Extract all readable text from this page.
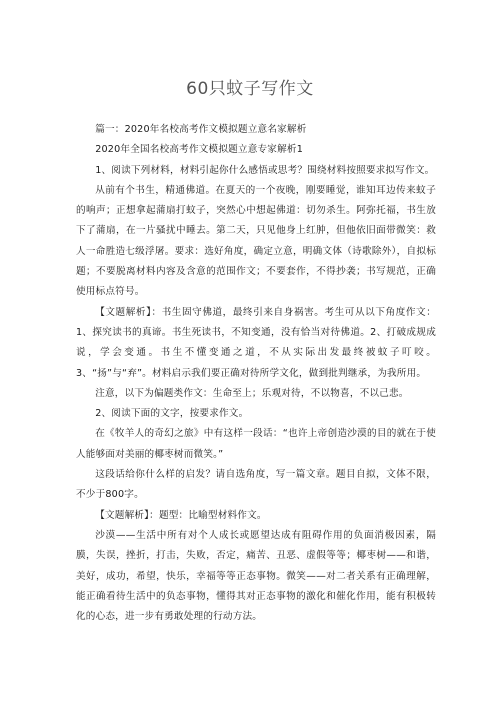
60只蚊子写作文

篇一：2020年名校高考作文模拟题立意名家解析

2020年全国名校高考作文模拟题立意专家解析1

1、阅读下列材料，材料引起你什么感悟或思考？围绕材料按照要求拟写作文。

从前有个书生，精通佛道。在夏天的一个夜晚，刚要睡觉，谁知耳边传来蚊子的响声；正想拿起蒲扇打蚊子，突然心中想起佛道：切勿杀生。阿弥托福，书生放下了蒲扇，在一片骚扰中睡去。第二天，只见他身上红肿，但他依旧面带微笑：救人一命胜造七级浮屠。要求：选好角度，确定立意，明确文体（诗歌除外），自拟标题；不要脱离材料内容及含意的范围作文；不要套作，不得抄袭；书写规范，正确使用标点符号。

【文题解析】：书生固守佛道，最终引来自身祸害。考生可从以下角度作文：1、探究读书的真谛。书生死读书，不知变通，没有恰当对待佛道。2、打破成规成说，学会变通。书生不懂变通之道，不从实际出发最终被蚊子叮咬。3、“扬”与“弃”。材料启示我们要正确对待所学文化，做到批判继承，为我所用。

注意，以下为偏题类作文：生命至上；乐观对待，不以物喜，不以己悲。

2、阅读下面的文字，按要求作文。

在《牧羊人的奇幻之旅》中有这样一段话：“也许上帝创造沙漠的目的就在于使人能够面对美丽的椰枣树而微笑。”

这段话给你什么样的启发？请自选角度，写一篇文章。题目自拟，文体不限，不少于800字。

【文题解析】：题型：比喻型材料作文。

沙漠——生活中所有对个人成长或愿望达成有阻碍作用的负面消极因素，隔膜，失误，挫折，打击，失败，否定，痛苦、丑恶、虚假等等；椰枣树——和谐，美好，成功，希望，快乐，幸福等等正态事物。微笑——对二者关系有正确理解，能正确看待生活中的负态事物，懂得其对正态事物的激化和催化作用，能有积极转化的心态，进一步有勇敢处理的行动方法。
